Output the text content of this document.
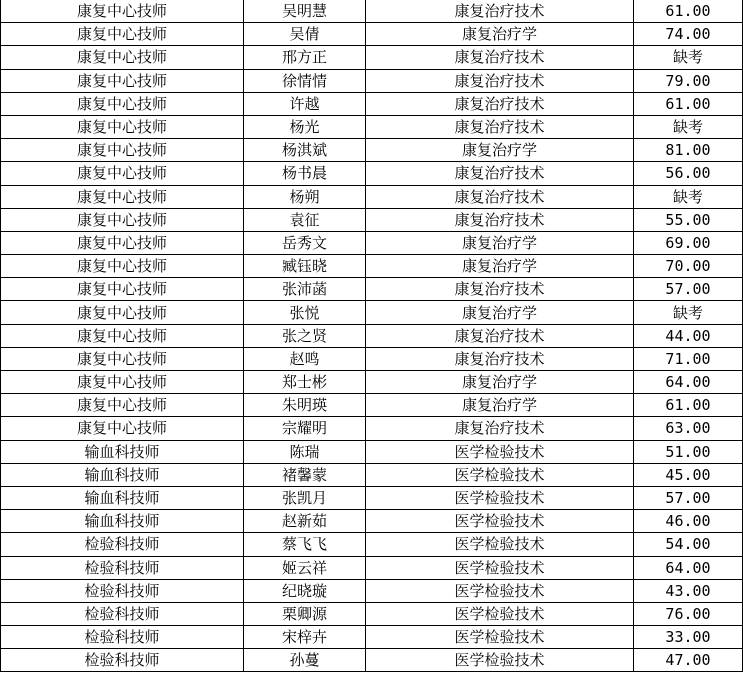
康复中心技师	吴明慧	康复治疗技术	61.00
康复中心技师	吴倩	康复治疗学	74.00
康复中心技师	邢方正	康复治疗技术	缺考
康复中心技师	徐情情	康复治疗技术	79.00
康复中心技师	许越	康复治疗技术	61.00
康复中心技师	杨光	康复治疗技术	缺考
康复中心技师	杨淇斌	康复治疗学	81.00
康复中心技师	杨书晨	康复治疗技术	56.00
康复中心技师	杨朔	康复治疗技术	缺考
康复中心技师	袁征	康复治疗技术	55.00
康复中心技师	岳秀文	康复治疗学	69.00
康复中心技师	臧钰晓	康复治疗学	70.00
康复中心技师	张沛菡	康复治疗技术	57.00
康复中心技师	张悦	康复治疗学	缺考
康复中心技师	张之贤	康复治疗技术	44.00
康复中心技师	赵鸣	康复治疗技术	71.00
康复中心技师	郑士彬	康复治疗学	64.00
康复中心技师	朱明瑛	康复治疗学	61.00
康复中心技师	宗耀明	康复治疗技术	63.00
输血科技师	陈瑞	医学检验技术	51.00
输血科技师	褚馨蒙	医学检验技术	45.00
输血科技师	张凯月	医学检验技术	57.00
输血科技师	赵新茹	医学检验技术	46.00
检验科技师	蔡飞飞	医学检验技术	54.00
检验科技师	姬云祥	医学检验技术	64.00
检验科技师	纪晓璇	医学检验技术	43.00
检验科技师	栗卿源	医学检验技术	76.00
检验科技师	宋梓卉	医学检验技术	33.00
检验科技师	孙蔓	医学检验技术	47.00
